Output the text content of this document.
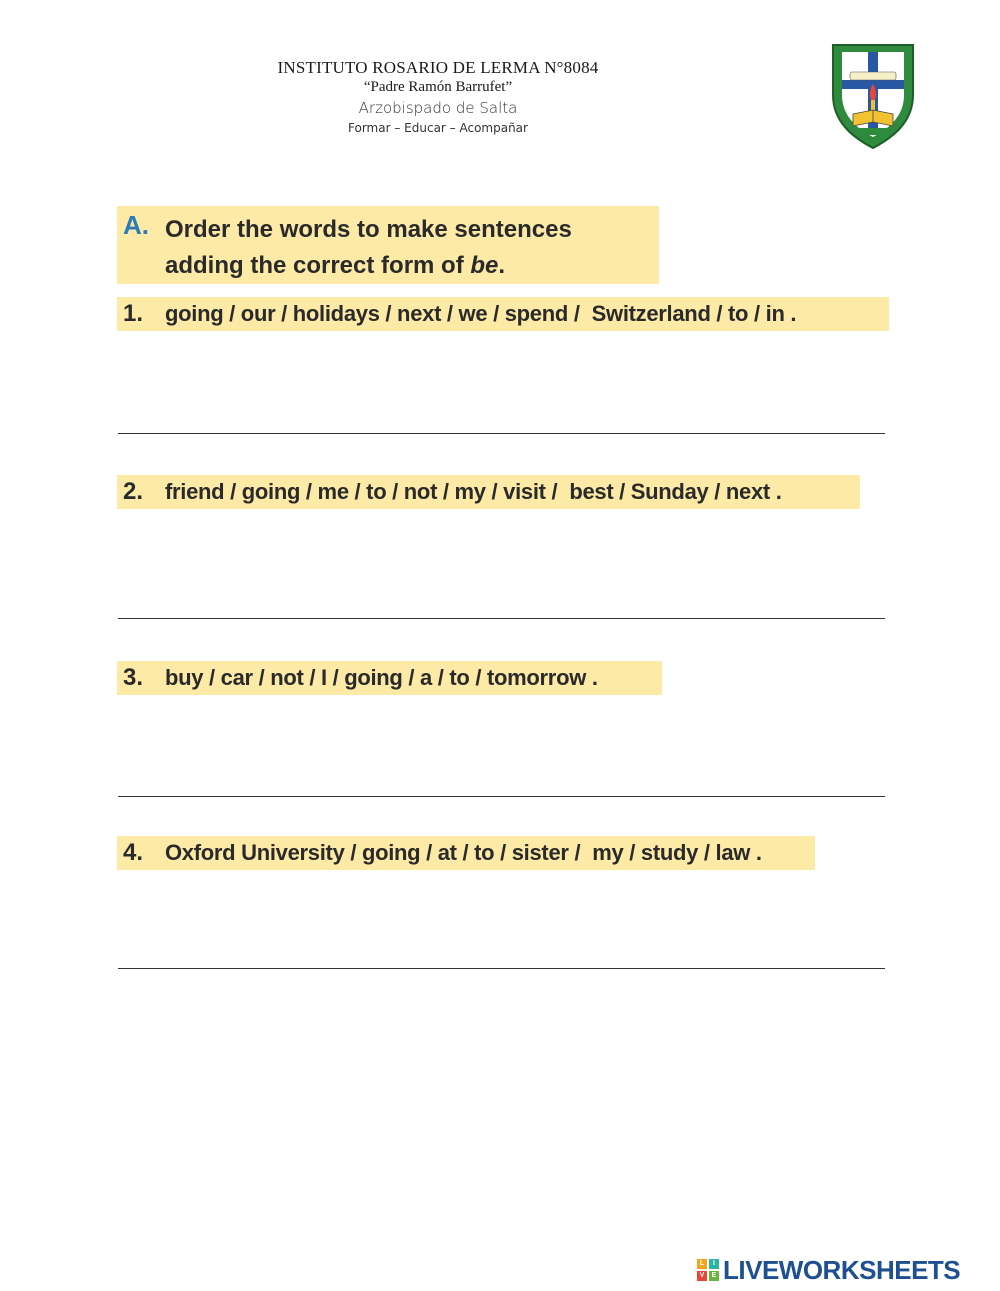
INSTITUTO ROSARIO DE LERMA N°8084
“Padre Ramón Barrufet”
Arzobispado de Salta
Formar – Educar – Acompañar
A. Order the words to make sentences
adding the correct form of be.
1. going / our / holidays / next / we / spend / Switzerland / to / in .
2. friend / going / me / to / not / my / visit / best / Sunday / next .
3. buy / car / not / I / going / a / to / tomorrow .
4. Oxford University / going / at / to / sister / my / study / law .
L	I
V	E LIVEWORKSHEETS
